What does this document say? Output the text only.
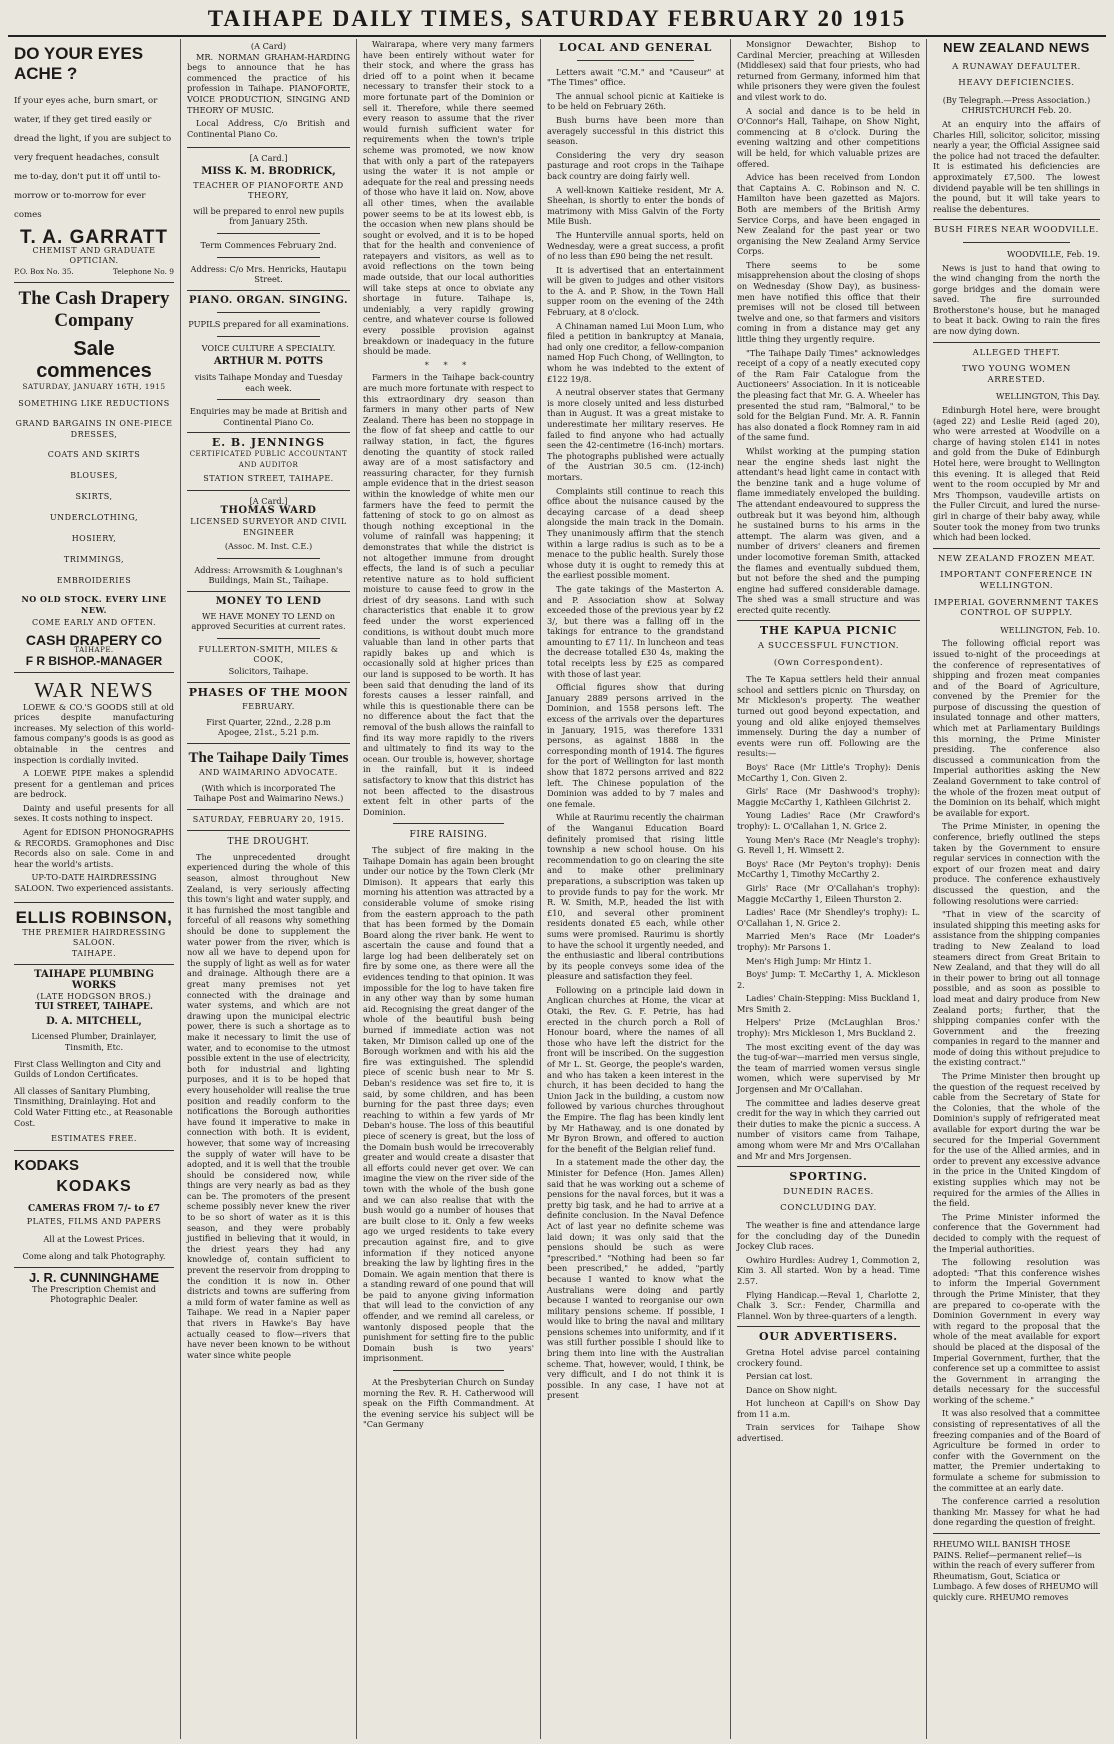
TAIHAPE DAILY TIMES, SATURDAY FEBRUARY 20 1915
DO YOUR EYES ACHE ?

If your eyes ache, burn smart, or water, if they get tired easily or dread the light, if you are subject to very frequent headaches, consult me to-day, don't put it off until to-morrow or to-morrow for ever comes

T. A. GARRATT
CHEMIST AND GRADUATE OPTICIAN.
P.O. Box No. 35.	Telephone No. 9
The Cash Drapery Company
Sale commences
SATURDAY, JANUARY 16TH, 1915
SOMETHING LIKE REDUCTIONS
GRAND BARGAINS IN ONE-PIECE DRESSES,
COATS AND SKIRTS
BLOUSES,
SKIRTS,
UNDERCLOTHING,
HOSIERY,
TRIMMINGS,
EMBROIDERIES
NO OLD STOCK. EVERY LINE NEW.
COME EARLY AND OFTEN.
CASH DRAPERY CO
TAIHAPE.
F R BISHOP.-MANAGER
WAR NEWS

LOEWE & CO.'S GOODS still at old prices despite manufacturing increases. My selection of this world-famous company's goods is as good as obtainable in the centres and inspection is cordially invited.

A LOEWE PIPE makes a splendid present for a gentleman and prices are bedrock.

Dainty and useful presents for all sexes. It costs nothing to inspect.

Agent for EDISON PHONOGRAPHS & RECORDS. Gramophones and Disc Records also on sale. Come in and hear the world's artists.

UP-TO-DATE HAIRDRESSING SALOON. Two experienced assistants.

ELLIS ROBINSON,
THE PREMIER HAIRDRESSING SALOON.
TAIHAPE.
TAIHAPE PLUMBING WORKS
(LATE HODGSON BROS.)
TUI STREET, TAIHAPE.
D. A. MITCHELL,
Licensed Plumber, Drainlayer, Tinsmith, Etc.

First Class Wellington and City and Guilds of London Certificates.

All classes of Sanitary Plumbing, Tinsmithing, Drainlaying. Hot and Cold Water Fitting etc., at Reasonable Cost.

ESTIMATES FREE.
KODAKS
KODAKS
CAMERAS FROM 7/- to £7
PLATES, FILMS AND PAPERS
All at the Lowest Prices.
Come along and talk Photography.
J. R. CUNNINGHAME
The Prescription Chemist and Photographic Dealer.
(A Card)

MR. NORMAN GRAHAM-HARDING begs to announce that he has commenced the practice of his profession in Taihape. PIANOFORTE, VOICE PRODUCTION, SINGING AND THEORY OF MUSIC.

Local Address, C/o British and Continental Piano Co.

[A Card.]
MISS K. M. BRODRICK,
TEACHER OF PIANOFORTE AND THEORY,
will be prepared to enrol new pupils from January 25th.
Term Commences February 2nd.
Address: C/o Mrs. Henricks, Hautapu Street.
PIANO. ORGAN. SINGING.
PUPILS prepared for all examinations.
VOICE CULTURE A SPECIALTY.
ARTHUR M. POTTS
visits Taihape Monday and Tuesday each week.
Enquiries may be made at British and Continental Piano Co.
E. B. JENNINGS
CERTIFICATED PUBLIC ACCOUNTANT AND AUDITOR
STATION STREET, TAIHAPE.
[A Card.]
THOMAS WARD
LICENSED SURVEYOR AND CIVIL ENGINEER
(Assoc. M. Inst. C.E.)
Address: Arrowsmith & Loughnan's Buildings, Main St., Taihape.
MONEY TO LEND
WE HAVE MONEY TO LEND on approved Securities at current rates.
FULLERTON-SMITH, MILES & COOK,
Solicitors, Taihape.
PHASES OF THE MOON
FEBRUARY.
First Quarter, 22nd., 2.28 p.m
Apogee, 21st., 5.21 p.m.
The Taihape Daily Times
AND WAIMARINO ADVOCATE.
(With which is incorporated The Taihape Post and Waimarino News.)
SATURDAY, FEBRUARY 20, 1915.
THE DROUGHT.

The unprecedented drought experienced during the whole of this season, almost throughout New Zealand, is very seriously affecting this town's light and water supply, and it has furnished the most tangible and forceful of all reasons why something should be done to supplement the water power from the river, which is now all we have to depend upon for the supply of light as well as for water and drainage. Although there are a great many premises not yet connected with the drainage and water systems, and which are not drawing upon the municipal electric power, there is such a shortage as to make it necessary to limit the use of water, and to economise to the utmost possible extent in the use of electricity, both for industrial and lighting purposes, and it is to be hoped that every householder will realise the true position and readily conform to the notifications the Borough authorities have found it imperative to make in connection with both. It is evident, however, that some way of increasing the supply of water will have to be adopted, and it is well that the trouble should be considered now, while things are very nearly as bad as they can be. The promoters of the present scheme possibly never knew the river to be so short of water as it is this season, and they were probably justified in believing that it would, in the driest years they had any knowledge of, contain sufficient to prevent the reservoir from dropping to the condition it is now in. Other districts and towns are suffering from a mild form of water famine as well as Taihape. We read in a Napier paper that rivers in Hawke's Bay have actually ceased to flow—rivers that have never been known to be without water since white people

Wairarapa, where very many farmers have been entirely without water for their stock, and where the grass has dried off to a point when it became necessary to transfer their stock to a more fortunate part of the Dominion or sell it. Therefore, while there seemed every reason to assume that the river would furnish sufficient water for requirements when the town's triple scheme was promoted, we now know that with only a part of the ratepayers using the water it is not ample or adequate for the real and pressing needs of those who have it laid on. Now, above all other times, when the available power seems to be at its lowest ebb, is the occasion when new plans should be sought or evolved, and it is to be hoped that for the health and convenience of ratepayers and visitors, as well as to avoid reflections on the town being made outside, that our local authorities will take steps at once to obviate any shortage in future. Taihape is, undeniably, a very rapidly growing centre, and whatever course is followed every possible provision against breakdown or inadequacy in the future should be made.

* * *

Farmers in the Taihape back-country are much more fortunate with respect to this extraordinary dry season than farmers in many other parts of New Zealand. There has been no stoppage in the flow of fat sheep and cattle to our railway station, in fact, the figures denoting the quantity of stock railed away are of a most satisfactory and reassuring character, for they furnish ample evidence that in the driest season within the knowledge of white men our farmers have the feed to permit the fattening of stock to go on almost as though nothing exceptional in the volume of rainfall was happening; it demonstrates that while the district is not altogether immune from drought effects, the land is of such a peculiar retentive nature as to hold sufficient moisture to cause feed to grow in the driest of dry seasons. Land with such characteristics that enable it to grow feed under the worst experienced conditions, is without doubt much more valuable than land in other parts that rapidly bakes up and which is occasionally sold at higher prices than our land is supposed to be worth. It has been said that denuding the land of its forests causes a lesser rainfall, and while this is questionable there can be no difference about the fact that the removal of the bush allows the rainfall to find its way more rapidly to the rivers and ultimately to find its way to the ocean. Our trouble is, however, shortage in the rainfall, but it is indeed satisfactory to know that this district has not been affected to the disastrous extent felt in other parts of the Dominion.

FIRE RAISING.

The subject of fire making in the Taihape Domain has again been brought under our notice by the Town Clerk (Mr Dimison). It appears that early this morning his attention was attracted by a considerable volume of smoke rising from the eastern approach to the path that has been formed by the Domain Board along the river bank. He went to ascertain the cause and found that a large log had been deliberately set on fire by some one, as there were all the evidences tending to that opinion. It was impossible for the log to have taken fire in any other way than by some human aid. Recognising the great danger of the whole of the beautiful bush being burned if immediate action was not taken, Mr Dimison called up one of the Borough workmen and with his aid the fire was extinguished. The splendid piece of scenic bush near to Mr S. Deban's residence was set fire to, it is said, by some children, and has been burning for the past three days; even reaching to within a few yards of Mr Deban's house. The loss of this beautiful piece of scenery is great, but the loss of the Domain bush would be irrecoverably greater and would create a disaster that all efforts could never get over. We can imagine the view on the river side of the town with the whole of the bush gone and we can also realise that with the bush would go a number of houses that are built close to it. Only a few weeks ago we urged residents to take every precaution against fire, and to give information if they noticed anyone breaking the law by lighting fires in the Domain. We again mention that there is a standing reward of one pound that will be paid to anyone giving information that will lead to the conviction of any offender, and we remind all careless, or wantonly disposed people that the punishment for setting fire to the public Domain bush is two years' imprisonment.

At the Presbyterian Church on Sunday morning the Rev. R. H. Catherwood will speak on the Fifth Commandment. At the evening service his subject will be "Can Germany

LOCAL AND GENERAL

Letters await "C.M." and "Causeur" at "The Times" office.

The annual school picnic at Kaitieke is to be held on February 26th.

Bush burns have been more than averagely successful in this district this season.

Considering the very dry season pasturage and root crops in the Taihape back country are doing fairly well.

A well-known Kaitieke resident, Mr A. Sheehan, is shortly to enter the bonds of matrimony with Miss Galvin of the Forty Mile Bush.

The Hunterville annual sports, held on Wednesday, were a great success, a profit of no less than £90 being the net result.

It is advertised that an entertainment will be given to judges and other visitors to the A. and P. Show, in the Town Hall supper room on the evening of the 24th February, at 8 o'clock.

A Chinaman named Lui Moon Lum, who filed a petition in bankruptcy at Manaia, had only one creditor, a fellow-companion named Hop Fuch Chong, of Wellington, to whom he was indebted to the extent of £122 19/8.

A neutral observer states that Germany is more closely united and less disturbed than in August. It was a great mistake to underestimate her military reserves. He failed to find anyone who had actually seen the 42-centimetre (16-inch) mortars. The photographs published were actually of the Austrian 30.5 cm. (12-inch) mortars.

Complaints still continue to reach this office about the nuisance caused by the decaying carcase of a dead sheep alongside the main track in the Domain. They unanimously affirm that the stench within a large radius is such as to be a menace to the public health. Surely those whose duty it is ought to remedy this at the earliest possible moment.

The gate takings of the Masterton A. and P. Association show at Solway exceeded those of the previous year by £2 3/, but there was a falling off in the takings for entrance to the grandstand amounting to £7 11/. In luncheon and teas the decrease totalled £30 4s, making the total receipts less by £25 as compared with those of last year.

Official figures show that during January 2889 persons arrived in the Dominion, and 1558 persons left. The excess of the arrivals over the departures in January, 1915, was therefore 1331 persons, as against 1888 in the corresponding month of 1914. The figures for the port of Wellington for last month show that 1872 persons arrived and 822 left. The Chinese population of the Dominion was added to by 7 males and one female.

While at Raurimu recently the chairman of the Wanganui Education Board definitely promised that rising little township a new school house. On his recommendation to go on clearing the site and to make other preliminary preparations, a subscription was taken up to provide funds to pay for the work. Mr R. W. Smith, M.P., headed the list with £10, and several other prominent residents donated £5 each, while other sums were promised. Raurimu is shortly to have the school it urgently needed, and the enthusiastic and liberal contributions by its people conveys some idea of the pleasure and satisfaction they feel.

Following on a principle laid down in Anglican churches at Home, the vicar at Otaki, the Rev. G. F. Petrie, has had erected in the church porch a Roll of Honour board, where the names of all those who have left the district for the front will be inscribed. On the suggestion of Mr L. St. George, the people's warden, and who has taken a keen interest in the church, it has been decided to hang the Union Jack in the building, a custom now followed by various churches throughout the Empire. The flag has been kindly lent by Mr Hathaway, and is one donated by Mr Byron Brown, and offered to auction for the benefit of the Belgian relief fund.

In a statement made the other day, the Minister for Defence (Hon. James Allen) said that he was working out a scheme of pensions for the naval forces, but it was a pretty big task, and he had to arrive at a definite conclusion. In the Naval Defence Act of last year no definite scheme was laid down; it was only said that the pensions should be such as were "prescribed." "Nothing had been so far been prescribed," he added, "partly because I wanted to know what the Australians were doing and partly because I wanted to reorganise our own military pensions scheme. If possible, I would like to bring the naval and military pensions schemes into uniformity, and if it was still further possible I should like to bring them into line with the Australian scheme. That, however, would, I think, be very difficult, and I do not think it is possible. In any case, I have not at present

Monsignor Dewachter, Bishop to Cardinal Mercier, preaching at Willesden (Middlesex) said that four priests, who had returned from Germany, informed him that while prisoners they were given the foulest and vilest work to do.

A social and dance is to be held in O'Connor's Hall, Taihape, on Show Night, commencing at 8 o'clock. During the evening waltzing and other competitions will be held, for which valuable prizes are offered.

Advice has been received from London that Captains A. C. Robinson and N. C. Hamilton have been gazetted as Majors. Both are members of the British Army Service Corps, and have been engaged in New Zealand for the past year or two organising the New Zealand Army Service Corps.

There seems to be some misapprehension about the closing of shops on Wednesday (Show Day), as business-men have notified this office that their premises will not be closed till between twelve and one, so that farmers and visitors coming in from a distance may get any little thing they urgently require.

"The Taihape Daily Times" acknowledges receipt of a copy of a neatly executed copy of the Ram Fair Catalogue from the Auctioneers' Association. In it is noticeable the pleasing fact that Mr. G. A. Wheeler has presented the stud ram, "Balmoral," to be sold for the Belgian Fund. Mr. A. R. Fannin has also donated a flock Romney ram in aid of the same fund.

Whilst working at the pumping station near the engine sheds last night the attendant's head light came in contact with the benzine tank and a huge volume of flame immediately enveloped the building. The attendant endeavoured to suppress the outbreak but it was beyond him, although he sustained burns to his arms in the attempt. The alarm was given, and a number of drivers' cleaners and firemen under locomotive foreman Smith, attacked the flames and eventually subdued them, but not before the shed and the pumping engine had suffered considerable damage. The shed was a small structure and was erected quite recently.

THE KAPUA PICNIC
A SUCCESSFUL FUNCTION.
(Own Correspondent).

The Te Kapua settlers held their annual school and settlers picnic on Thursday, on Mr Mickleson's property. The weather turned out good beyond expectation, and young and old alike enjoyed themselves immensely. During the day a number of events were run off. Following are the results:—

Boys' Race (Mr Little's Trophy): Denis McCarthy 1, Con. Given 2.

Girls' Race (Mr Dashwood's trophy): Maggie McCarthy 1, Kathleen Gilchrist 2.

Young Ladies' Race (Mr Crawford's trophy): L. O'Callahan 1, N. Grice 2.

Young Men's Race (Mr Neagle's trophy): G. Revell 1, H. Wimsett 2.

Boys' Race (Mr Peyton's trophy): Denis McCarthy 1, Timothy McCarthy 2.

Girls' Race (Mr O'Callahan's trophy): Maggie McCarthy 1, Eileen Thurston 2.

Ladies' Race (Mr Shendley's trophy): L. O'Callahan 1, N. Grice 2.

Married Men's Race (Mr Loader's trophy): Mr Parsons 1.

Men's High Jump: Mr Hintz 1.

Boys' Jump: T. McCarthy 1, A. Mickleson 2.

Ladies' Chain-Stepping: Miss Buckland 1, Mrs Smith 2.

Helpers' Prize (McLaughlan Bros.' trophy): Mrs Mickleson 1, Mrs Buckland 2.

The most exciting event of the day was the tug-of-war—married men versus single, the team of married women versus single women, which were supervised by Mr Jorgensen and Mr O'Callahan.

The committee and ladies deserve great credit for the way in which they carried out their duties to make the picnic a success. A number of visitors came from Taihape, among whom were Mr and Mrs O'Callahan and Mr and Mrs Jorgensen.

SPORTING.
DUNEDIN RACES.
CONCLUDING DAY.

The weather is fine and attendance large for the concluding day of the Dunedin Jockey Club races.

Owhiro Hurdles: Audrey 1, Commotion 2, Kim 3. All started. Won by a head. Time 2.57.

Flying Handicap.—Reval 1, Charlotte 2, Chalk 3. Scr.: Fender, Charmilla and Flannel. Won by three-quarters of a length.

OUR ADVERTISERS.

Gretna Hotel advise parcel containing crockery found.

Persian cat lost.

Dance on Show night.

Hot luncheon at Capill's on Show Day from 11 a.m.

Train services for Taihape Show advertised.

NEW ZEALAND NEWS
A RUNAWAY DEFAULTER.
HEAVY DEFICIENCIES.

(By Telegraph.—Press Association.) CHRISTCHURCH Feb. 20.

At an enquiry into the affairs of Charles Hill, solicitor, solicitor, missing nearly a year, the Official Assignee said the police had not traced the defaulter. It is estimated his deficiencies are approximately £7,500. The lowest dividend payable will be ten shillings in the pound, but it will take years to realise the debentures.

BUSH FIRES NEAR WOODVILLE.

WOODVILLE, Feb. 19.

News is just to hand that owing to the wind changing from the north the gorge bridges and the domain were saved. The fire surrounded Brotherstone's house, but he managed to beat it back. Owing to rain the fires are now dying down.

ALLEGED THEFT.
TWO YOUNG WOMEN ARRESTED.

WELLINGTON, This Day.

Edinburgh Hotel here, were brought (aged 22) and Leslie Reid (aged 20), who were arrested at Woodville on a charge of having stolen £141 in notes and gold from the Duke of Edinburgh Hotel here, were brought to Wellington this evening. It is alleged that Reid went to the room occupied by Mr and Mrs Thompson, vaudeville artists on the Fuller Circuit, and lured the nurse-girl in charge of their baby away, while Souter took the money from two trunks which had been locked.

NEW ZEALAND FROZEN MEAT.
IMPORTANT CONFERENCE IN WELLINGTON.
IMPERIAL GOVERNMENT TAKES CONTROL OF SUPPLY.

WELLINGTON, Feb. 10.

The following official report was issued to-night of the proceedings at the conference of representatives of shipping and frozen meat companies and of the Board of Agriculture, convened by the Premier for the purpose of discussing the question of insulated tonnage and other matters, which met at Parliamentary Buildings this morning, the Prime Minister presiding. The conference also discussed a communication from the Imperial authorities asking the New Zealand Government to take control of the whole of the frozen meat output of the Dominion on its behalf, which might be available for export.

The Prime Minister, in opening the conference, briefly outlined the steps taken by the Government to ensure regular services in connection with the export of our frozen meat and dairy produce. The conference exhaustively discussed the question, and the following resolutions were carried:

"That in view of the scarcity of insulated shipping this meeting asks for assistance from the shipping companies trading to New Zealand to load steamers direct from Great Britain to New Zealand, and that they will do all in their power to bring out all tonnage possible, and as soon as possible to load meat and dairy produce from New Zealand ports; further, that the shipping companies confer with the Government and the freezing companies in regard to the manner and mode of doing this without prejudice to the existing contract."

The Prime Minister then brought up the question of the request received by cable from the Secretary of State for the Colonies, that the whole of the Dominion's supply of refrigerated meat available for export during the war be secured for the Imperial Government for the use of the Allied armies, and in order to prevent any excessive advance in the price in the United Kingdom of existing supplies which may not be required for the armies of the Allies in the field.

The Prime Minister informed the conference that the Government had decided to comply with the request of the Imperial authorities.

The following resolution was adopted: "That this conference wishes to inform the Imperial Government through the Prime Minister, that they are prepared to co-operate with the Dominion Government in every way with regard to the proposal that the whole of the meat available for export should be placed at the disposal of the Imperial Government, further, that the conference set up a committee to assist the Government in arranging the details necessary for the successful working of the scheme."

It was also resolved that a committee consisting of representatives of all the freezing companies and of the Board of Agriculture be formed in order to confer with the Government on the matter, the Premier undertaking to formulate a scheme for submission to the committee at an early date.

The conference carried a resolution thanking Mr. Massey for what he had done regarding the question of freight.

RHEUMO WILL BANISH THOSE PAINS. Relief—permanent relief—is within the reach of every sufferer from Rheumatism, Gout, Sciatica or Lumbago. A few doses of RHEUMO will quickly cure. RHEUMO removes
